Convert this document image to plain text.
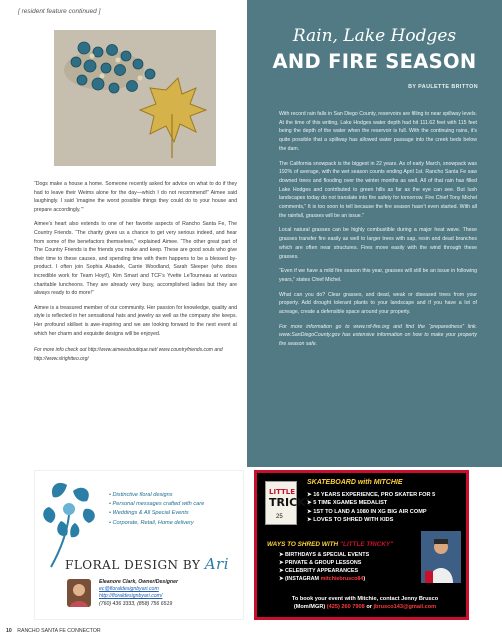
[ resident feature continued ]

“Dogs make a house a home. Someone recently asked for advice on what to do if they had to leave their Weims alone for the day—which I do not recommend!” Aimee said laughingly. I said ‘imagine the worst possible things they could do to your house and prepare accordingly.’”

Aimee’s heart also extends to one of her favorite aspects of Rancho Santa Fe, The Country Friends. “The charity gives us a chance to get very serious indeed, and hear from some of the benefactors themselves,” explained Aimee. “The other great part of The Country Friends is the friends you make and keep. These are good souls who give their time to these causes, and spending time with them happens to be a blessed by-product. I often join Sophia Alsadek, Carrie Woodland, Sarah Sleeper (who does incredible work for Team Hoyt!), Kim Smart and TCF’s Yvette LeTourneau at various charitable luncheons. They are already very busy, accomplished ladies but they are always ready to do more!”

Aimee is a treasured member of our community. Her passion for knowledge, quality and style is reflected in her sensational hats and jewelry as well as the company she keeps. Her profound skillset is awe-inspiring and we are looking forward to the next event at which her charm and exquisite designs will be enjoyed.

For more info check out http://www.aimeesboutique.net/ www.countryfriends.com and http://www.slrightteo.org/

Rain, Lake Hodges
AND FIRE SEASON
BY PAULETTE BRITTON

With record rain falls in San Diego County, reservoirs are filling to near spillway levels. At the time of this writing, Lake Hodges water depth had hit 111.62 feet with 115 feet being the depth of the water when the reservoir is full. With the continuing rains, it’s quite possible that a spillway has allowed water passage into the creek beds below the dam.

The California snowpack is the biggest in 22 years. As of early March, snowpack was 192% of average, with the wet season counts ending April 1st. Rancho Santa Fe saw downed trees and flooding over the winter months as well. All of that rain has filled Lake Hodges and contributed to green hills as far as the eye can see. But lush landscapes today do not translate into fire safety for tomorrow. Fire Chief Tony Michel comments,” It is too soon to tell because the fire season hasn’t even started. With all the rainfall, grasses will be an issue.”

Local natural grasses can be highly combustible during a major heat wave. These grasses transfer fire easily as well to larger trees with sap, resin and dead branches which are often near structures. Fires move easily with the wind through these grasses.

“Even if we have a mild fire season this year, grasses will still be an issue in following years,” states Chief Michel.

What can you do? Clear grasses, and dead, weak or diseased trees from your property. Add drought tolerant plants to your landscape and if you have a lot of acreage, create a defensible space around your property.

For more information go to www.rsf-fire.org and find the “preparedness” link. www.SanDiegoCounty.gov has extensive information on how to make your property fire season safe.

• Distinctive floral designs
• Personal messages crafted with care
• Weddings & All Special Events
• Corporate, Retail, Home delivery
FLORAL DESIGN BY Ari
Eleanore Clark, Owner/Designer
ec@floraldesignbyari.com
http://floraldesignbyari.com/
(760) 436 3333, (858) 756 6519
LITTLE
TRICKY
25
SKATEBOARD with MITCHIE
➤ 16 YEARS EXPERIENCE, PRO SKATER FOR 5
➤ 5 TIME XGAMES MEDALIST
➤ 1ST TO LAND A 1080 IN XG BIG AIR COMP
➤ LOVES TO SHRED WITH KIDS
WAYS TO SHRED WITH "LITTLE TRICKY"
➤ BIRTHDAYS & SPECIAL EVENTS
➤ PRIVATE & GROUP LESSONS
➤ CELEBRITY APPEARANCES
➤ (INSTAGRAM mitchiebrusco84)
To book your event with Mitchie, contact Jenny Brusco
(Mom/MGR) (425) 260 7908 or jbrusco143@gmail.com
10 RANCHO SANTA FE CONNECTOR
